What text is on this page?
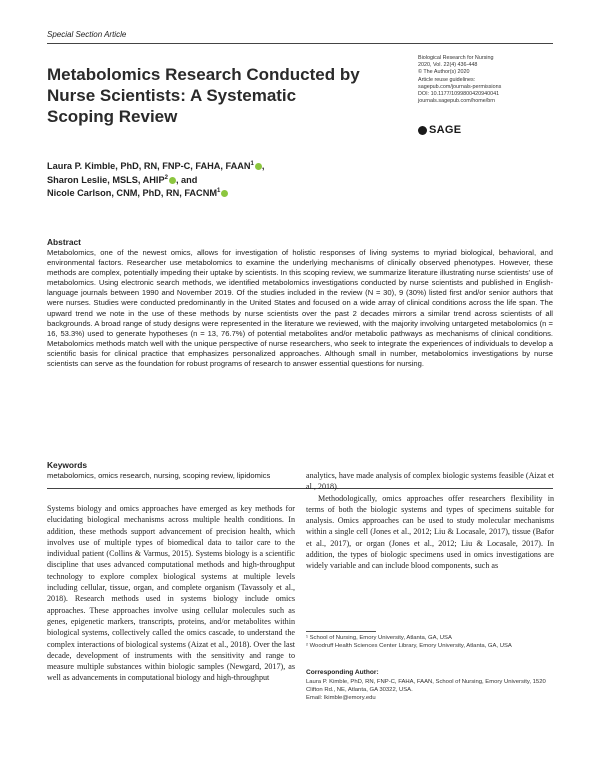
Special Section Article
Metabolomics Research Conducted by
Nurse Scientists: A Systematic
Scoping Review
Biological Research for Nursing
2020, Vol. 22(4) 436-448
© The Author(s) 2020
Article reuse guidelines:
sagepub.com/journals-permissions
DOI: 10.1177/1099800420940041
journals.sagepub.com/home/brn
SAGE
Laura P. Kimble, PhD, RN, FNP-C, FAHA, FAAN$^1$ ,
Sharon Leslie, MSLS, AHIP$^2$ , and
Nicole Carlson, CNM, PhD, RN, FACNM$^1$
Abstract

Metabolomics, one of the newest omics, allows for investigation of holistic responses of living systems to myriad biological, behavioral, and environmental factors. Researcher use metabolomics to examine the underlying mechanisms of clinically observed phenotypes. However, these methods are complex, potentially impeding their uptake by scientists. In this scoping review, we summarize literature illustrating nurse scientists' use of metabolomics. Using electronic search methods, we identified metabolomics investigations conducted by nurse scientists and published in English-language journals between 1990 and November 2019. Of the studies included in the review (N = 30), 9 (30%) listed first and/or senior authors that were nurses. Studies were conducted predominantly in the United States and focused on a wide array of clinical conditions across the life span. The upward trend we note in the use of these methods by nurse scientists over the past 2 decades mirrors a similar trend across scientists of all backgrounds. A broad range of study designs were represented in the literature we reviewed, with the majority involving untargeted metabolomics (n = 16, 53.3%) used to generate hypotheses (n = 13, 76.7%) of potential metabolites and/or metabolic pathways as mechanisms of clinical conditions. Metabolomics methods match well with the unique perspective of nurse researchers, who seek to integrate the experiences of individuals to develop a scientific basis for clinical practice that emphasizes personalized approaches. Although small in number, metabolomics investigations by nurse scientists can serve as the foundation for robust programs of research to answer essential questions for nursing.

Keywords
metabolomics, omics research, nursing, scoping review, lipidomics

Systems biology and omics approaches have emerged as key methods for elucidating biological mechanisms across multiple health conditions. In addition, these methods support advancement of precision health, which involves use of multiple types of biomedical data to tailor care to the individual patient (Collins & Varmus, 2015). Systems biology is a scientific discipline that uses advanced computational methods and high-throughput technology to explore complex biological systems at multiple levels including cellular, tissue, organ, and complete organism (Tavassoly et al., 2018). Research methods used in systems biology include omics approaches. These approaches involve using cellular molecules such as genes, epigenetic markers, transcripts, proteins, and/or metabolites within biological systems, collectively called the omics cascade, to understand the complex interactions of biological systems (Aizat et al., 2018). Over the last decade, development of instruments with the sensitivity and range to measure multiple substances within biologic samples (Newgard, 2017), as well as advancements in computational biology and high-throughput

analytics, have made analysis of complex biologic systems feasible (Aizat et al., 2018).

Methodologically, omics approaches offer researchers flexibility in terms of both the biologic systems and types of specimens suitable for analysis. Omics approaches can be used to study molecular mechanisms within a single cell (Jones et al., 2012; Liu & Locasale, 2017), tissue (Bafor et al., 2017), or organ (Jones et al., 2012; Liu & Locasale, 2017). In addition, the types of biologic specimens used in omics investigations are widely variable and can include blood components, such as

¹ School of Nursing, Emory University, Atlanta, GA, USA
² Woodruff Health Sciences Center Library, Emory University, Atlanta, GA, USA
Corresponding Author:
Laura P. Kimble, PhD, RN, FNP-C, FAHA, FAAN, School of Nursing, Emory University, 1520 Clifton Rd., NE, Atlanta, GA 30322, USA.
Email: lkimble@emory.edu
